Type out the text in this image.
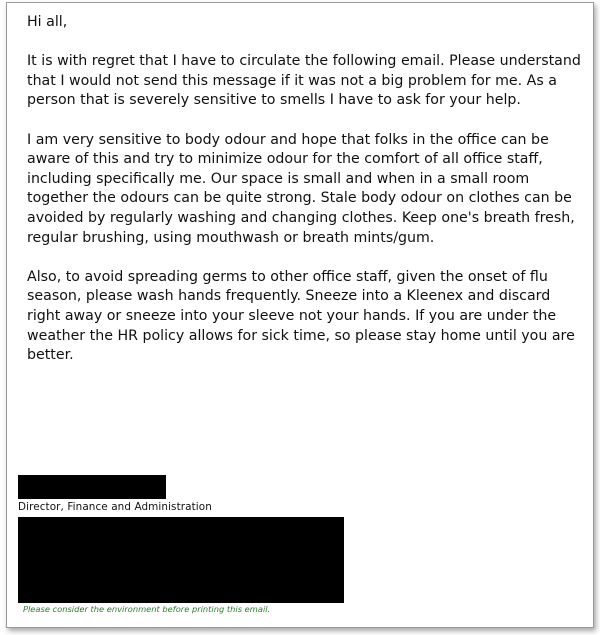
Hi all,

It is with regret that I have to circulate the following email. Please understand that I would not send this message if it was not a big problem for me. As a person that is severely sensitive to smells I have to ask for your help.

I am very sensitive to body odour and hope that folks in the office can be aware of this and try to minimize odour for the comfort of all office staff, including specifically me. Our space is small and when in a small room together the odours can be quite strong. Stale body odour on clothes can be avoided by regularly washing and changing clothes. Keep one's breath fresh, regular brushing, using mouthwash or breath mints/gum.

Also, to avoid spreading germs to other office staff, given the onset of flu season, please wash hands frequently. Sneeze into a Kleenex and discard right away or sneeze into your sleeve not your hands. If you are under the weather the HR policy allows for sick time, so please stay home until you are better.

Director, Finance and Administration
Please consider the environment before printing this email.
